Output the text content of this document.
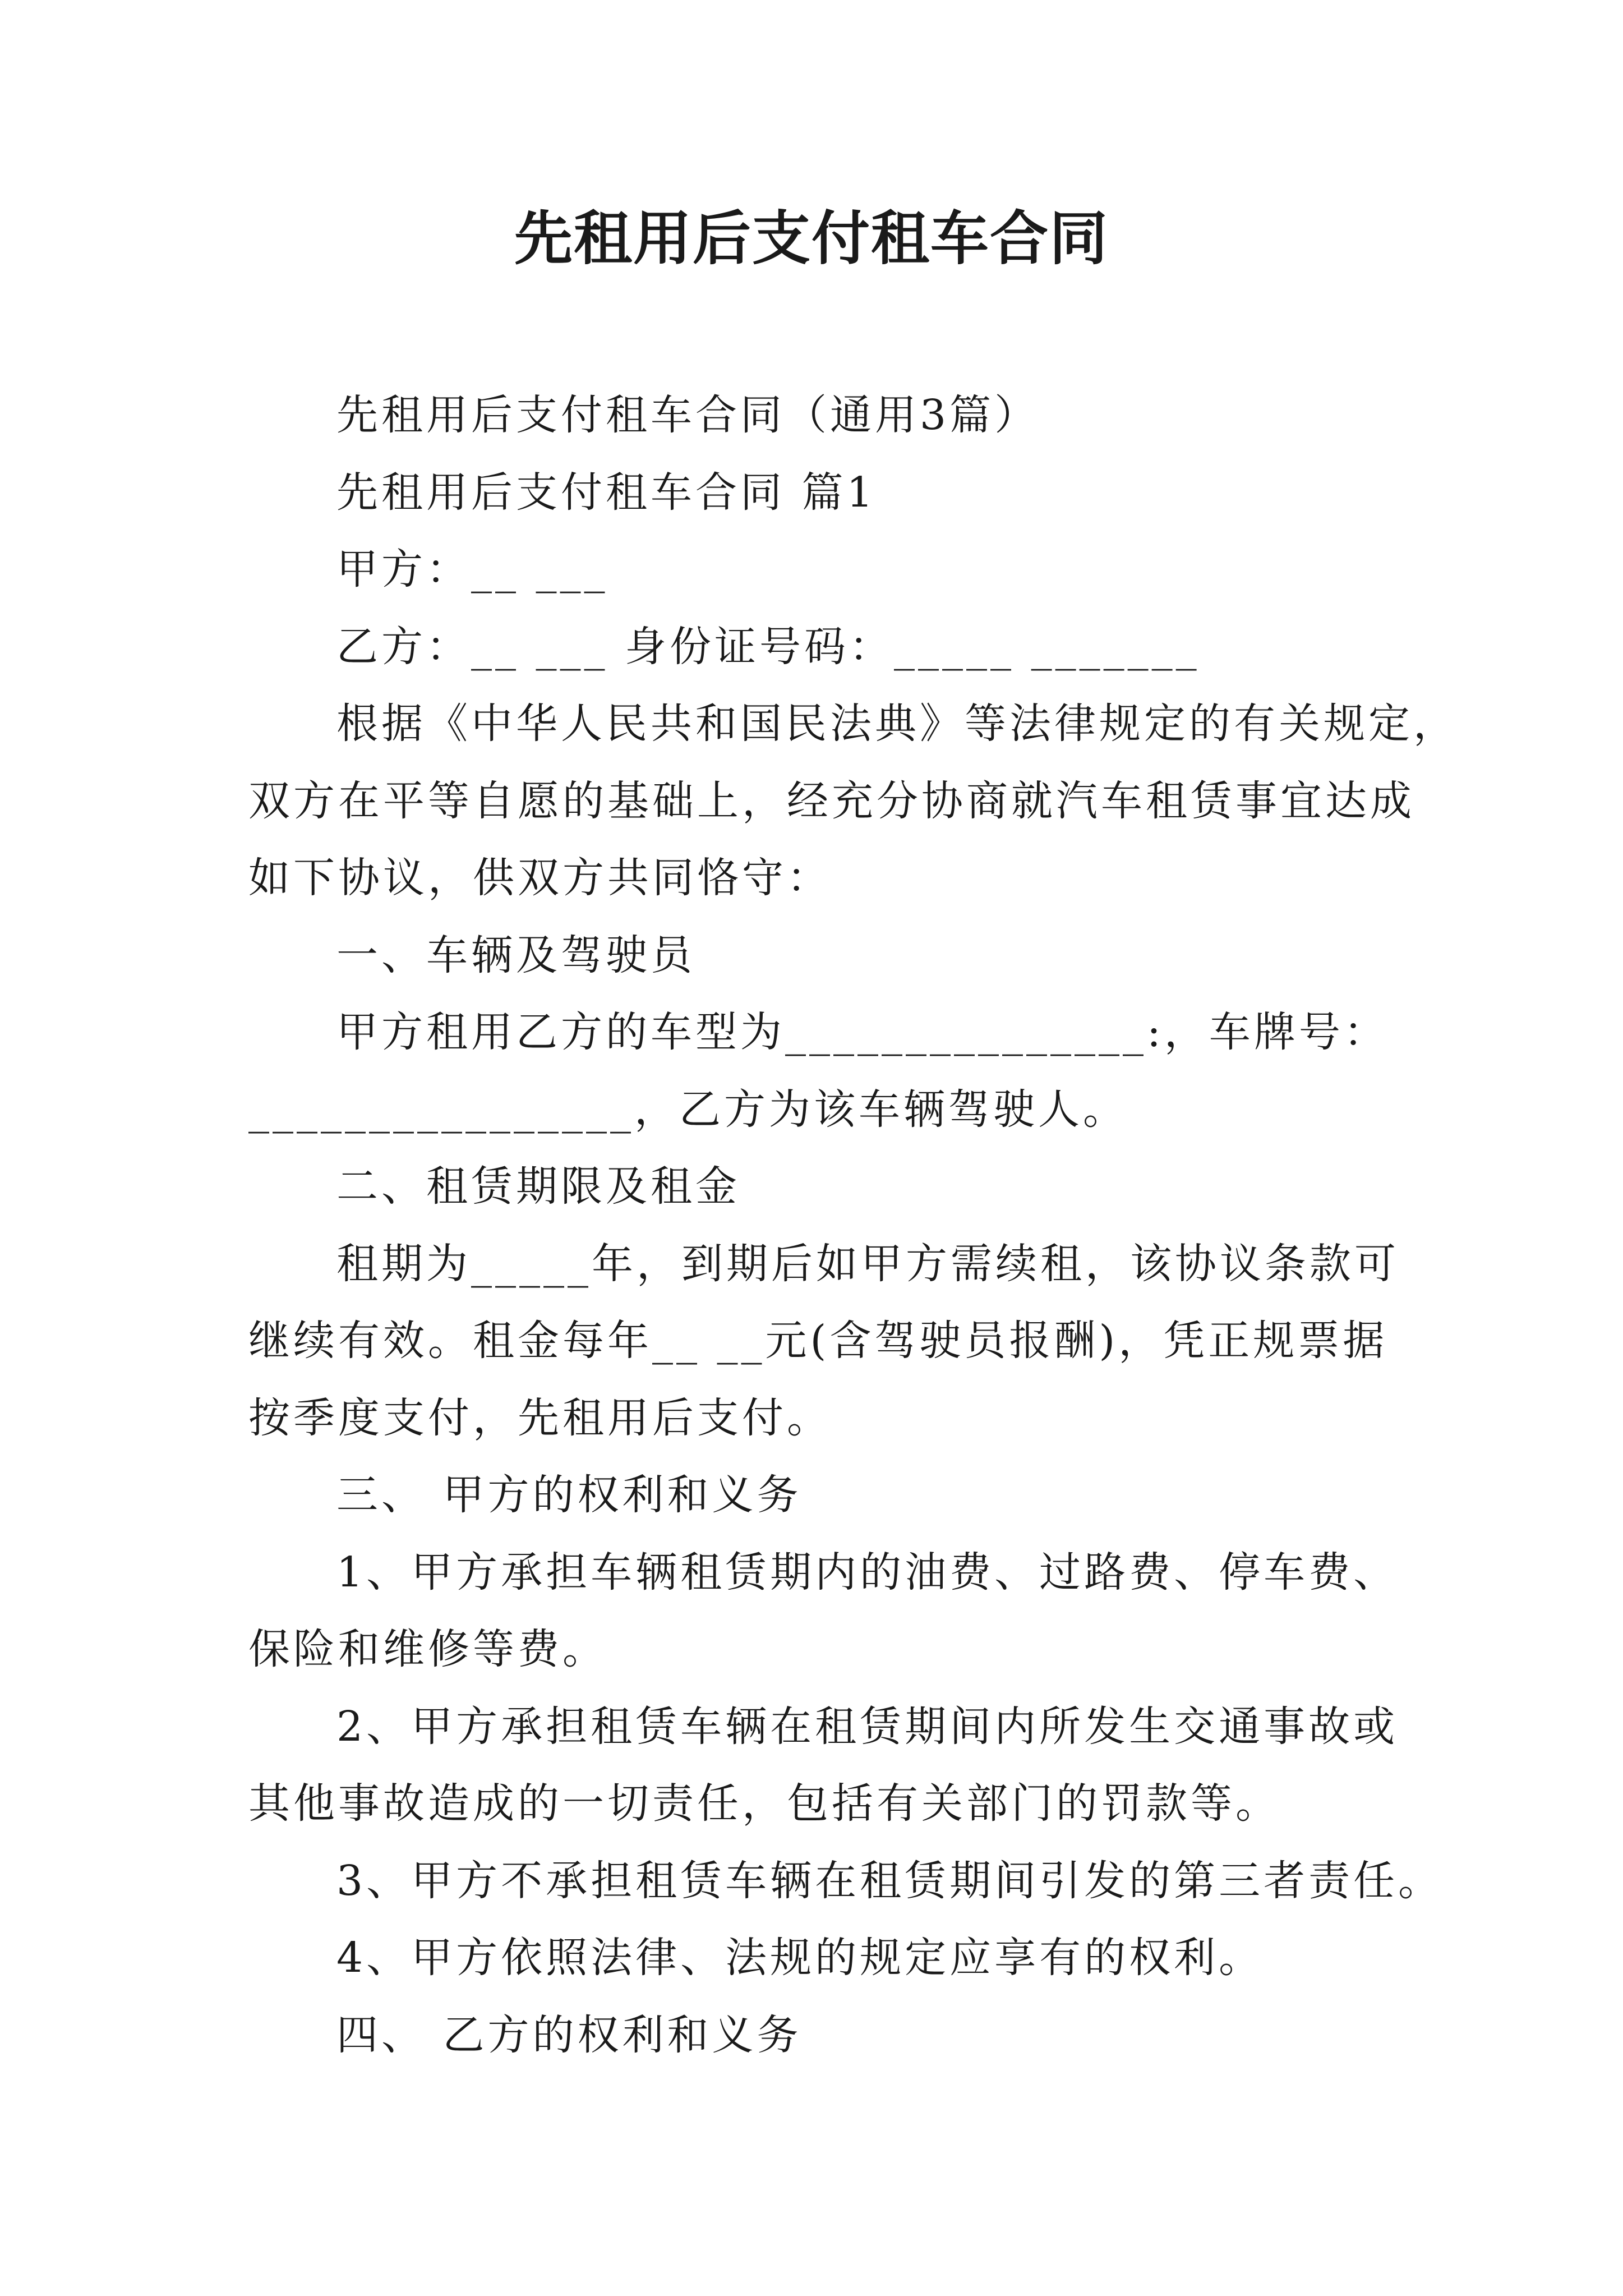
先租用后支付租车合同
先租用后支付租车合同（通用3篇）
先租用后支付租车合同 篇1
甲方：__ ___
乙方：__ ___ 身份证号码：_____ _______
根据《中华人民共和国民法典》等法律规定的有关规定，
双方在平等自愿的基础上，经充分协商就汽车租赁事宜达成
如下协议，供双方共同恪守：
一、车辆及驾驶员
甲方租用乙方的车型为_______________:，车牌号：
________________，乙方为该车辆驾驶人。
二、租赁期限及租金
租期为_____年，到期后如甲方需续租，该协议条款可
继续有效。租金每年__ __元(含驾驶员报酬)，凭正规票据
按季度支付，先租用后支付。
三、 甲方的权利和义务
1、甲方承担车辆租赁期内的油费、过路费、停车费、
保险和维修等费。
2、甲方承担租赁车辆在租赁期间内所发生交通事故或
其他事故造成的一切责任，包括有关部门的罚款等。
3、甲方不承担租赁车辆在租赁期间引发的第三者责任。
4、甲方依照法律、法规的规定应享有的权利。
四、 乙方的权利和义务
